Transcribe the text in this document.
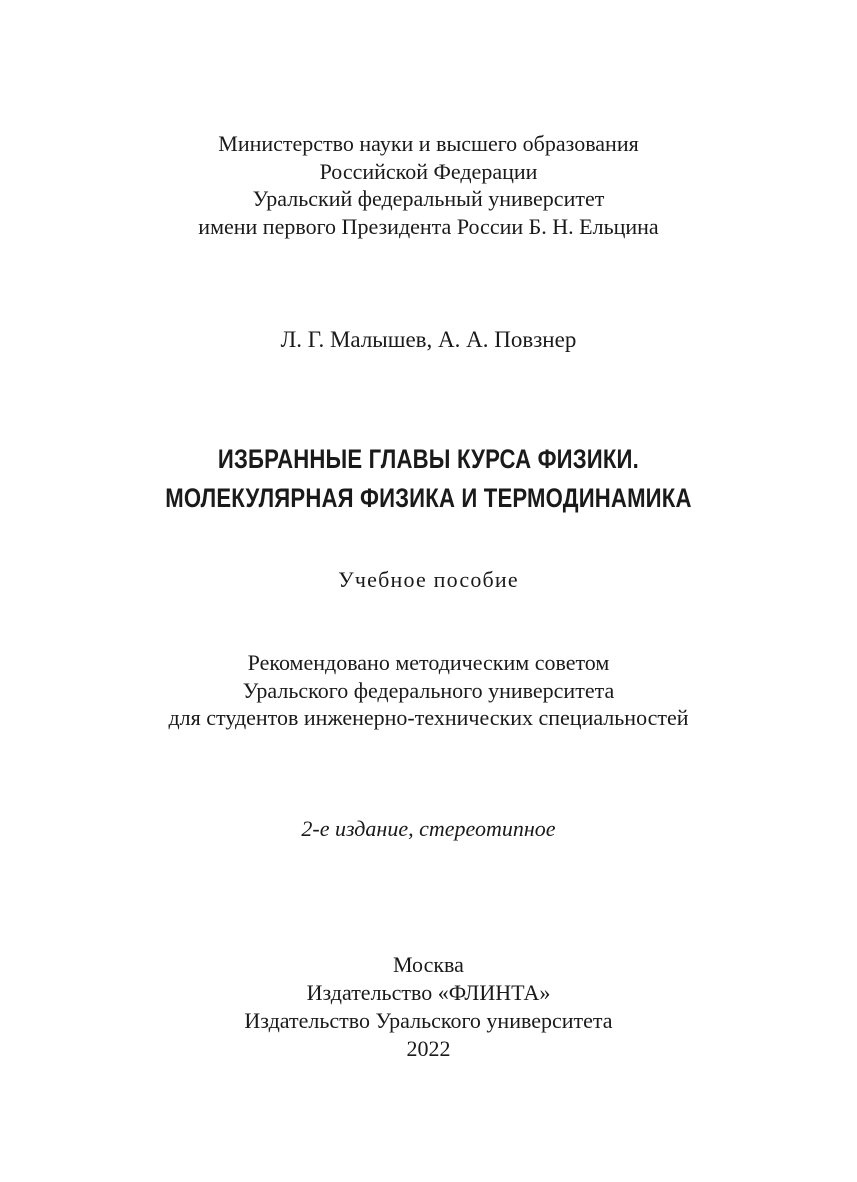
Министерство науки и высшего образования
Российской Федерации
Уральский федеральный университет
имени первого Президента России Б. Н. Ельцина
Л. Г. Малышев, А. А. Повзнер
ИЗБРАННЫЕ ГЛАВЫ КУРСА ФИЗИКИ.
МОЛЕКУЛЯРНАЯ ФИЗИКА И ТЕРМОДИНАМИКА
Учебное пособие
Рекомендовано методическим советом
Уральского федерального университета
для студентов инженерно-технических специальностей
2-е издание, стереотипное
Москва
Издательство «ФЛИНТА»
Издательство Уральского университета
2022
